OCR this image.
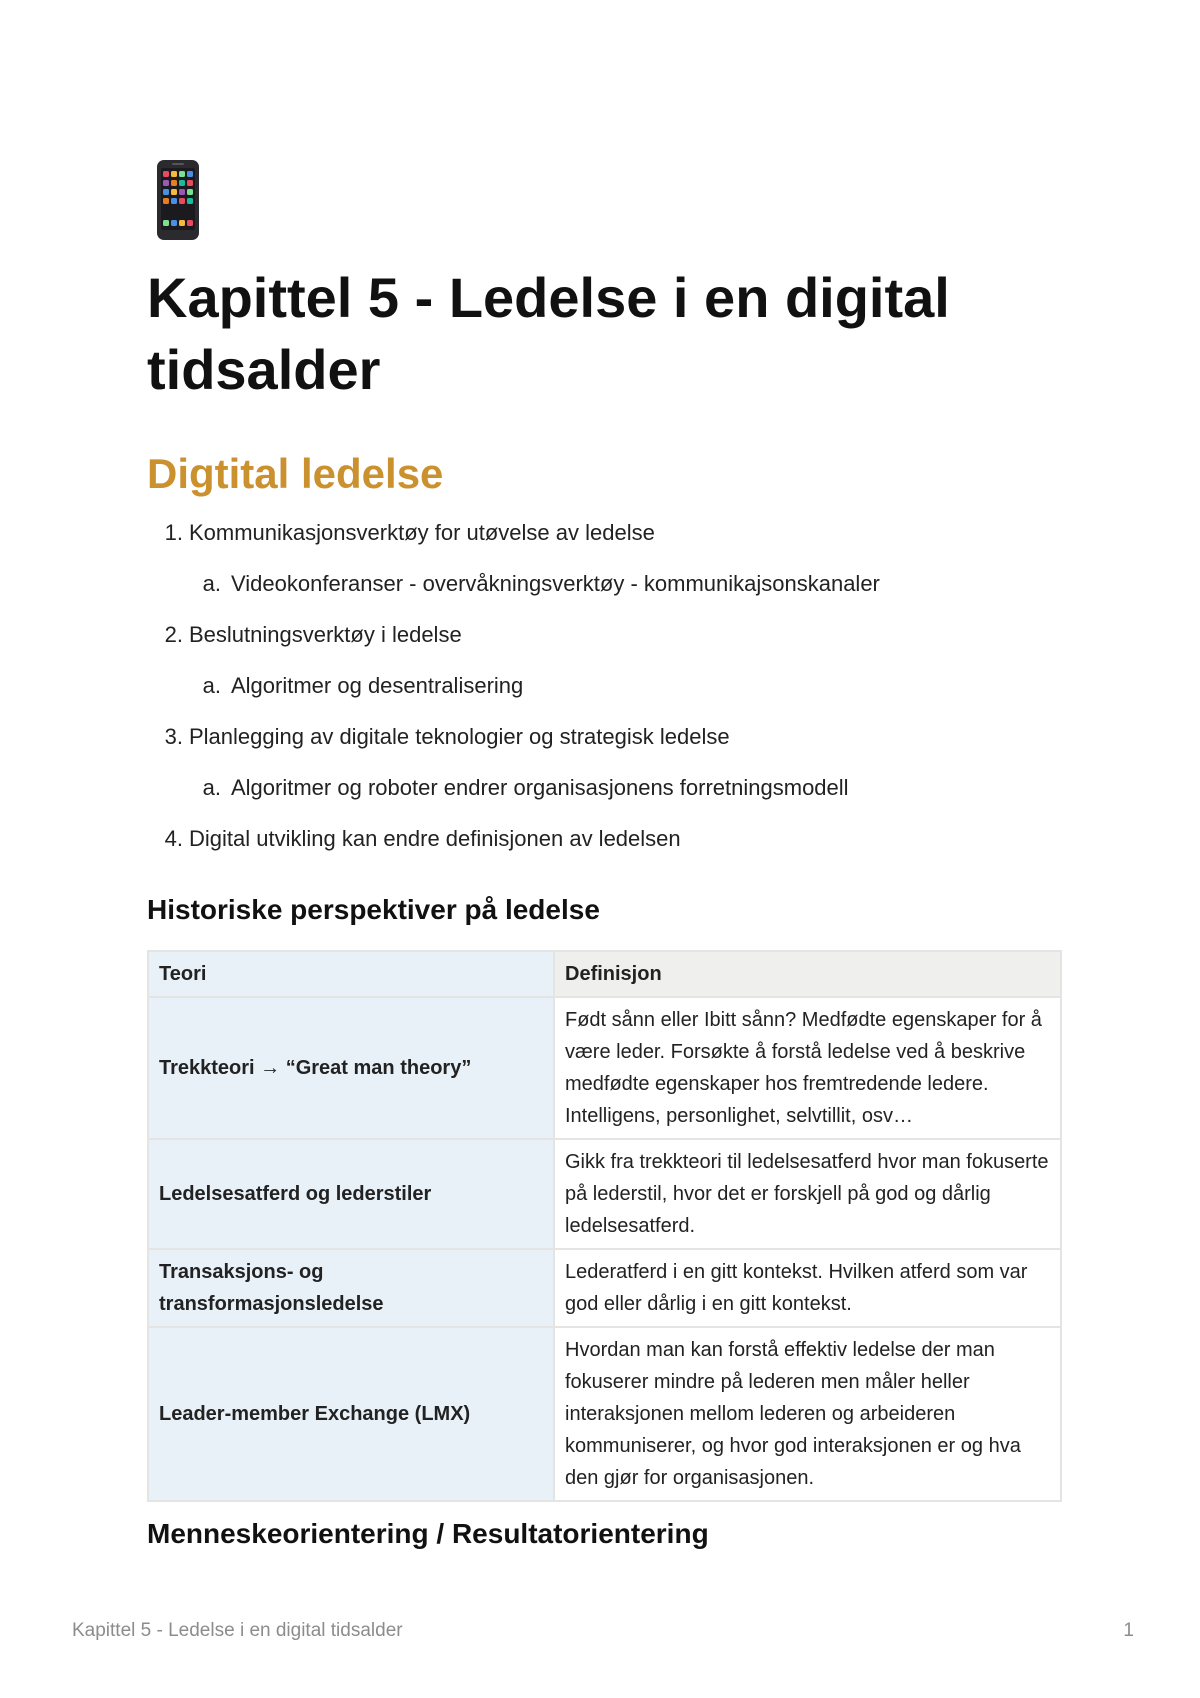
Kapittel 5 - Ledelse i en digital tidsalder
Digtital ledelse
1. Kommunikasjonsverktøy for utøvelse av ledelse
a. Videokonferanser - overvåkningsverktøy - kommunikajsonskanaler
2. Beslutningsverktøy i ledelse
a. Algoritmer og desentralisering
3. Planlegging av digitale teknologier og strategisk ledelse
a. Algoritmer og roboter endrer organisasjonens forretningsmodell
4. Digital utvikling kan endre definisjonen av ledelsen
Historiske perspektiver på ledelse
Teori	Definisjon
Trekkteori → “Great man theory”	Født sånn eller Ibitt sånn? Medfødte egenskaper for å være leder. Forsøkte å forstå ledelse ved å beskrive medfødte egenskaper hos fremtredende ledere. Intelligens, personlighet, selvtillit, osv…
Ledelsesatferd og lederstiler	Gikk fra trekkteori til ledelsesatferd hvor man fokuserte på lederstil, hvor det er forskjell på god og dårlig ledelsesatferd.
Transaksjons- og transformasjonsledelse	Lederatferd i en gitt kontekst. Hvilken atferd som var god eller dårlig i en gitt kontekst.
Leader-member Exchange (LMX)	Hvordan man kan forstå effektiv ledelse der man fokuserer mindre på lederen men måler heller interaksjonen mellom lederen og arbeideren kommuniserer, og hvor god interaksjonen er og hva den gjør for organisasjonen.
Menneskeorientering / Resultatorientering
Kapittel 5 - Ledelse i en digital tidsalder	1
